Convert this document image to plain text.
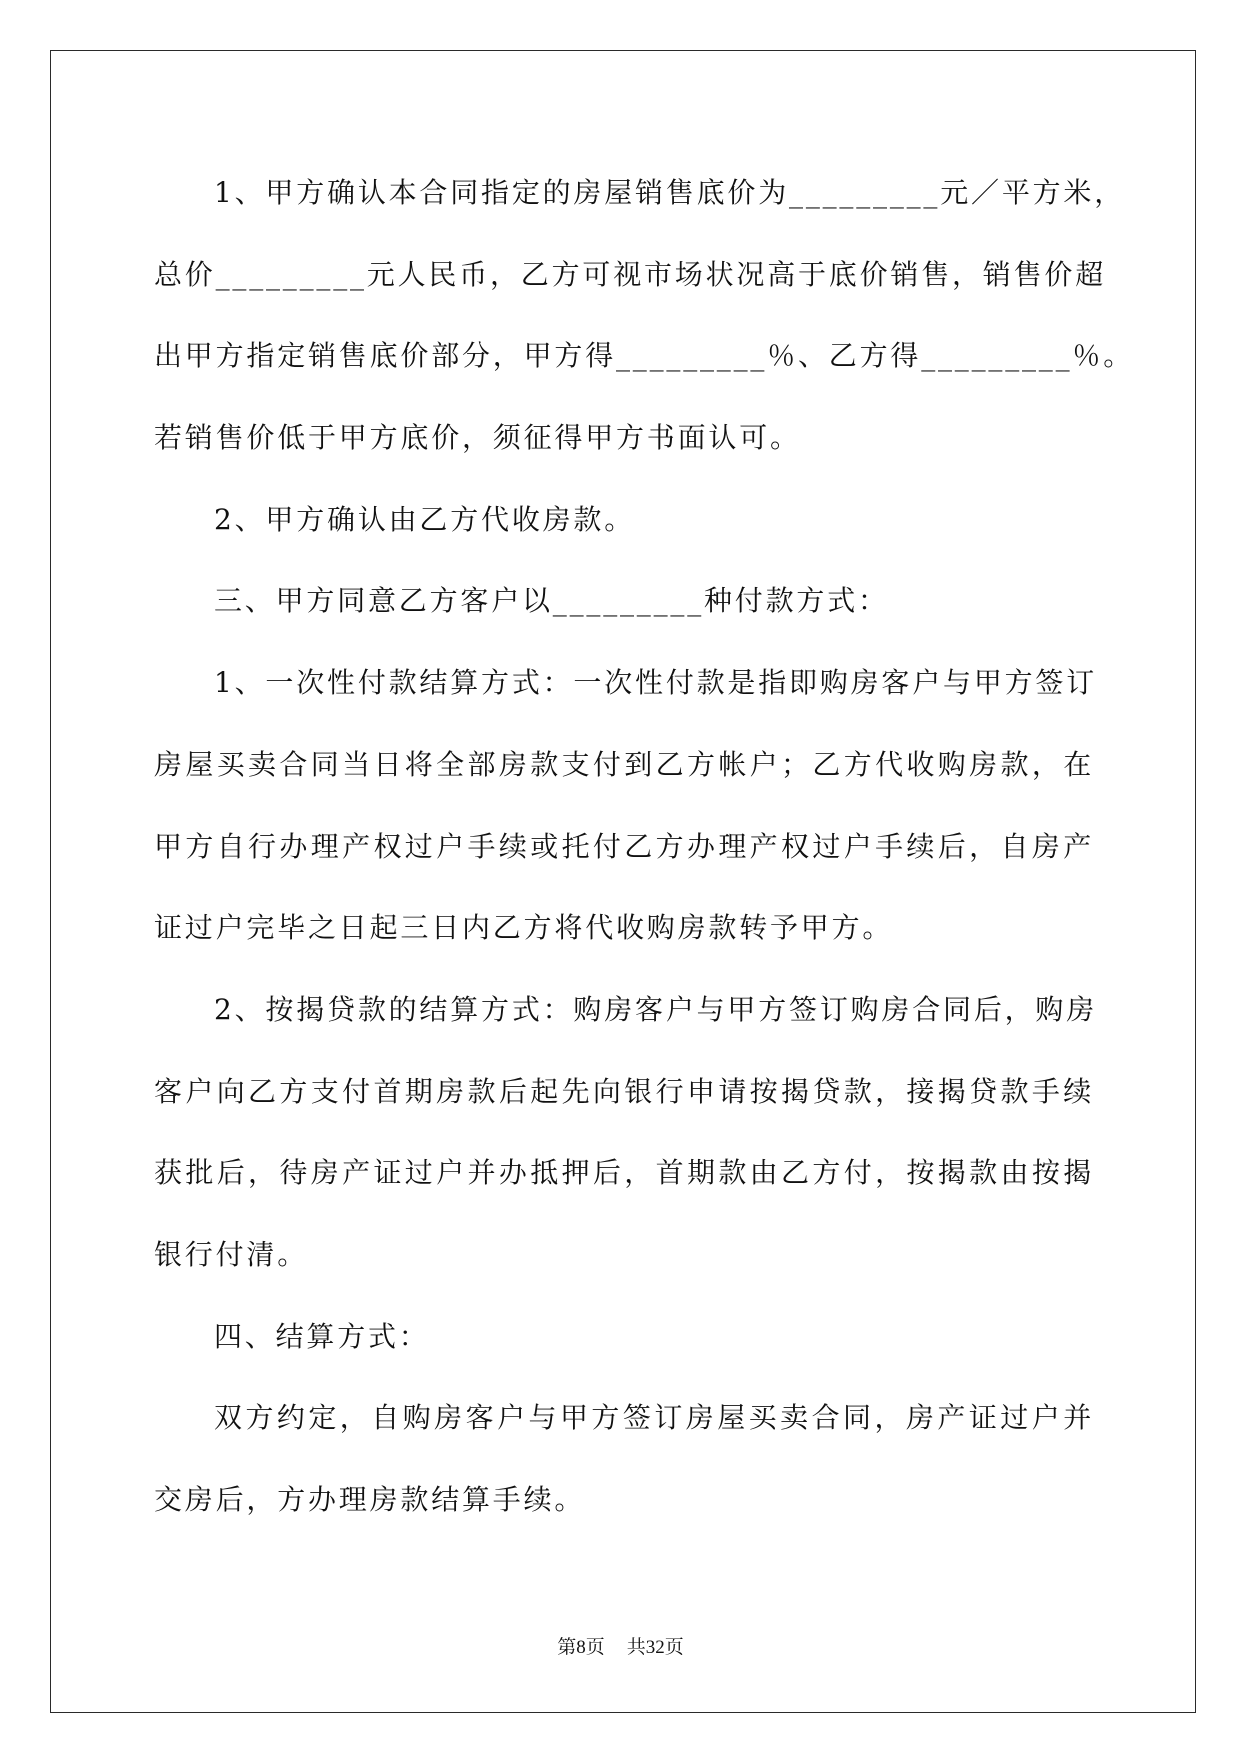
1、甲方确认本合同指定的房屋销售底价为_________元／平方米，
总价_________元人民币，乙方可视市场状况高于底价销售，销售价超
出甲方指定销售底价部分，甲方得_________％、乙方得_________％。
若销售价低于甲方底价，须征得甲方书面认可。
2、甲方确认由乙方代收房款。
三、甲方同意乙方客户以_________种付款方式：
1、一次性付款结算方式：一次性付款是指即购房客户与甲方签订
房屋买卖合同当日将全部房款支付到乙方帐户；乙方代收购房款，在
甲方自行办理产权过户手续或托付乙方办理产权过户手续后，自房产
证过户完毕之日起三日内乙方将代收购房款转予甲方。
2、按揭贷款的结算方式：购房客户与甲方签订购房合同后，购房
客户向乙方支付首期房款后起先向银行申请按揭贷款，接揭贷款手续
获批后，待房产证过户并办抵押后，首期款由乙方付，按揭款由按揭
银行付清。
四、结算方式：
双方约定，自购房客户与甲方签订房屋买卖合同，房产证过户并
交房后，方办理房款结算手续。
第8页 共32页
